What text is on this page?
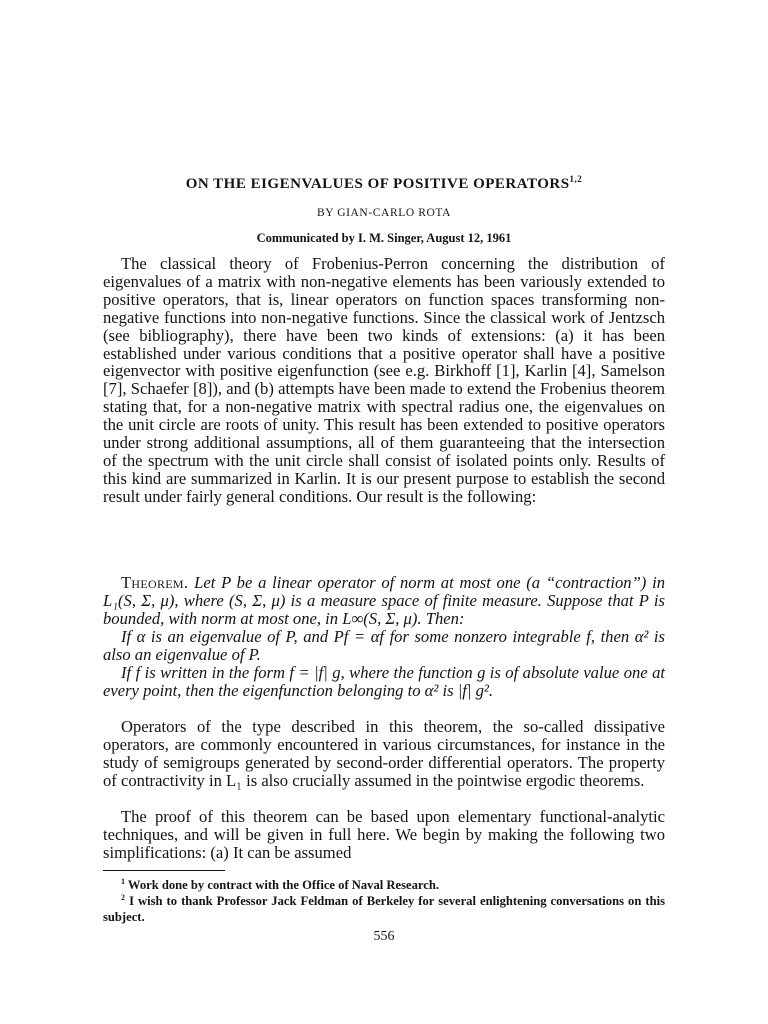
ON THE EIGENVALUES OF POSITIVE OPERATORS$^{1,2}$
BY GIAN-CARLO ROTA
Communicated by I. M. Singer, August 12, 1961
The classical theory of Frobenius-Perron concerning the distribution of eigenvalues of a matrix with non-negative elements has been variously extended to positive operators, that is, linear operators on function spaces transforming non-negative functions into non-negative functions. Since the classical work of Jentzsch (see bibliography), there have been two kinds of extensions: (a) it has been established under various conditions that a positive operator shall have a positive eigenvector with positive eigenfunction (see e.g. Birkhoff [1], Karlin [4], Samelson [7], Schaefer [8]), and (b) attempts have been made to extend the Frobenius theorem stating that, for a non-negative matrix with spectral radius one, the eigenvalues on the unit circle are roots of unity. This result has been extended to positive operators under strong additional assumptions, all of them guaranteeing that the intersection of the spectrum with the unit circle shall consist of isolated points only. Results of this kind are summarized in Karlin. It is our present purpose to establish the second result under fairly general conditions. Our result is the following:
Theorem. Let P be a linear operator of norm at most one (a “contraction”) in L₁(S, Σ, μ), where (S, Σ, μ) is a measure space of finite measure. Suppose that P is bounded, with norm at most one, in L∞(S, Σ, μ). Then:
If α is an eigenvalue of P, and Pf = αf for some nonzero integrable f, then α² is also an eigenvalue of P.
If f is written in the form f = |f| g, where the function g is of absolute value one at every point, then the eigenfunction belonging to α² is |f| g².
Operators of the type described in this theorem, the so-called dissipative operators, are commonly encountered in various circumstances, for instance in the study of semigroups generated by second-order differential operators. The property of contractivity in L₁ is also crucially assumed in the pointwise ergodic theorems.
The proof of this theorem can be based upon elementary functional-analytic techniques, and will be given in full here. We begin by making the following two simplifications: (a) It can be assumed
$^1$ Work done by contract with the Office of Naval Research.
$^2$ I wish to thank Professor Jack Feldman of Berkeley for several enlightening conversations on this subject.
556
